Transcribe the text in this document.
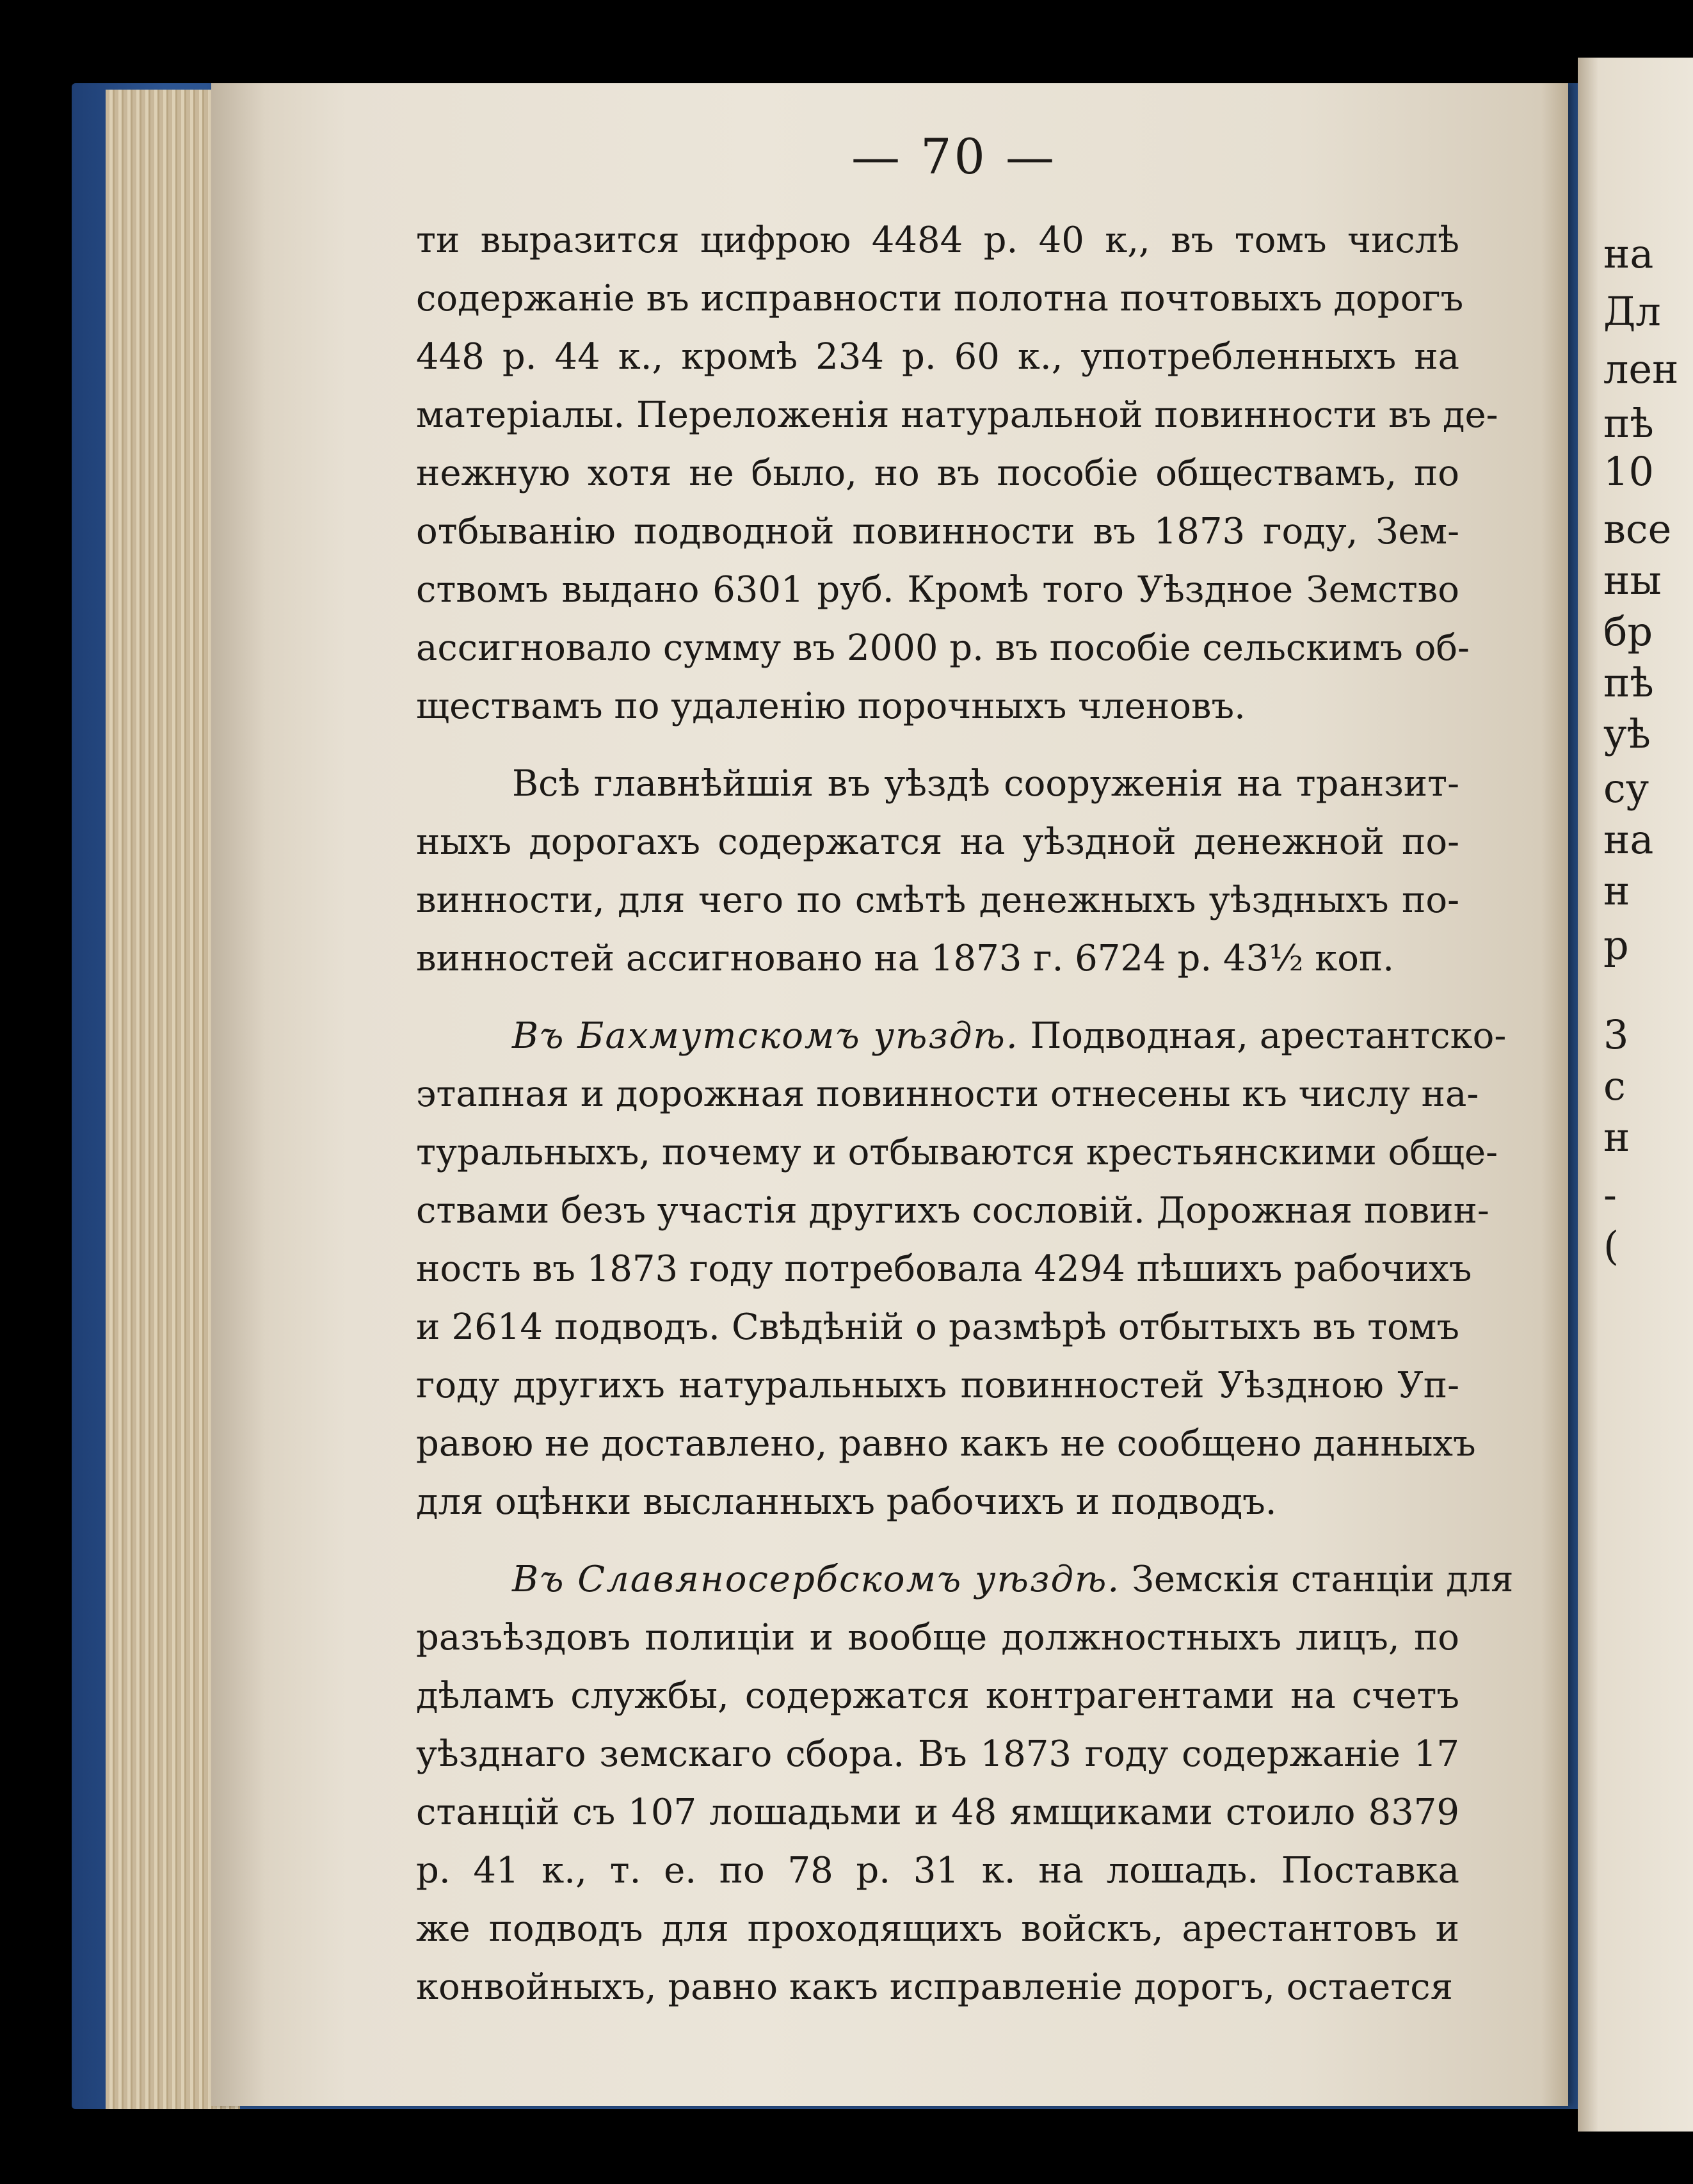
на
Дл
лен
пѣ
10
все
ны
бр
пѣ
уѣ
су
на
н
р
3
с
н
-
(
— 70 —
ти выразится цифрою 4484 р. 40 к,, въ томъ числѣ
содержаніе въ исправности полотна почтовыхъ дорогъ
448 р. 44 к., кромѣ 234 р. 60 к., употребленныхъ на
матеріалы. Переложенія натуральной повинности въ де-
нежную хотя не было, но въ пособіе обществамъ, по
отбыванію подводной повинности въ 1873 году, Зем-
ствомъ выдано 6301 руб. Кромѣ того Уѣздное Земство
ассигновало сумму въ 2000 р. въ пособіе сельскимъ об-
ществамъ по удаленію порочныхъ членовъ.
Всѣ главнѣйшія въ уѣздѣ сооруженія на транзит-
ныхъ дорогахъ содержатся на уѣздной денежной по-
винности, для чего по смѣтѣ денежныхъ уѣздныхъ по-
винностей ассигновано на 1873 г. 6724 р. 43½ коп.
Въ Бахмутскомъ уѣздѣ. Подводная, арестантско-
этапная и дорожная повинности отнесены къ числу на-
туральныхъ, почему и отбываются крестьянскими обще-
ствами безъ участія другихъ сословій. Дорожная повин-
ность въ 1873 году потребовала 4294 пѣшихъ рабочихъ
и 2614 подводъ. Свѣдѣній о размѣрѣ отбытыхъ въ томъ
году другихъ натуральныхъ повинностей Уѣздною Уп-
равою не доставлено, равно какъ не сообщено данныхъ
для оцѣнки высланныхъ рабочихъ и подводъ.
Въ Славяносербскомъ уѣздѣ. Земскія станціи для
разъѣздовъ полиціи и вообще должностныхъ лицъ, по
дѣламъ службы, содержатся контрагентами на счетъ
уѣзднаго земскаго сбора. Въ 1873 году содержаніе 17
станцій съ 107 лошадьми и 48 ямщиками стоило 8379
р. 41 к., т. е. по 78 р. 31 к. на лошадь. Поставка
же подводъ для проходящихъ войскъ, арестантовъ и
конвойныхъ, равно какъ исправленіе дорогъ, остается
